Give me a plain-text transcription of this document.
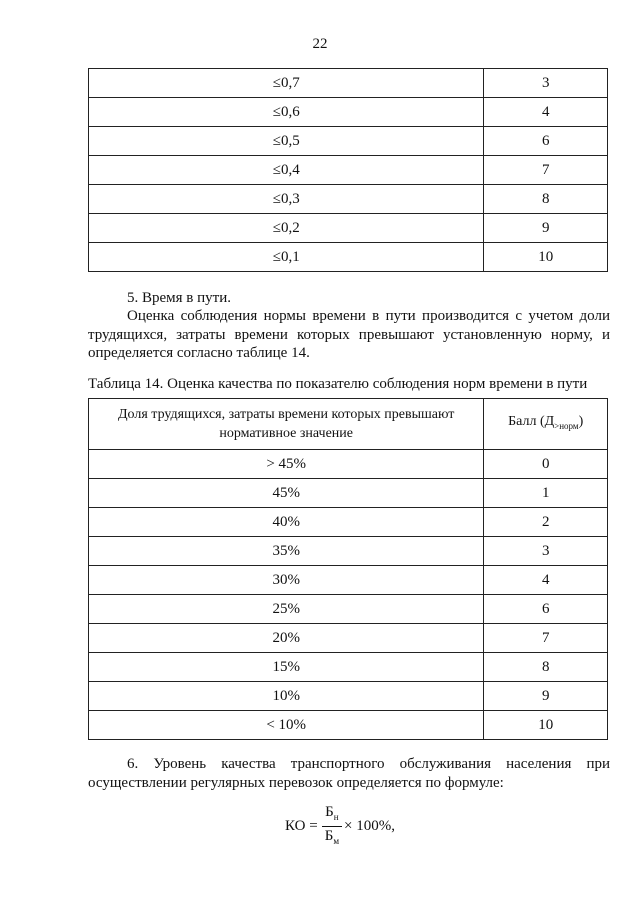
22
≤0,7	3
≤0,6	4
≤0,5	6
≤0,4	7
≤0,3	8
≤0,2	9
≤0,1	10
5. Время в пути.
Оценка соблюдения нормы времени в пути производится с учетом доли трудящихся, затраты времени которых превышают установленную норму, и определяется согласно таблице 14.
Таблица 14. Оценка качества по показателю соблюдения норм времени в пути
Доля трудящихся, затраты времени которых превышают нормативное значение	Балл $(Д_{>норм})$
> 45%	0
45%	1
40%	2
35%	3
30%	4
25%	6
20%	7
15%	8
10%	9
< 10%	10
6. Уровень качества транспортного обслуживания населения при осуществлении регулярных перевозок определяется по формуле:
КО = $\frac{Б_н}{Б_м} \times 100\%$,
